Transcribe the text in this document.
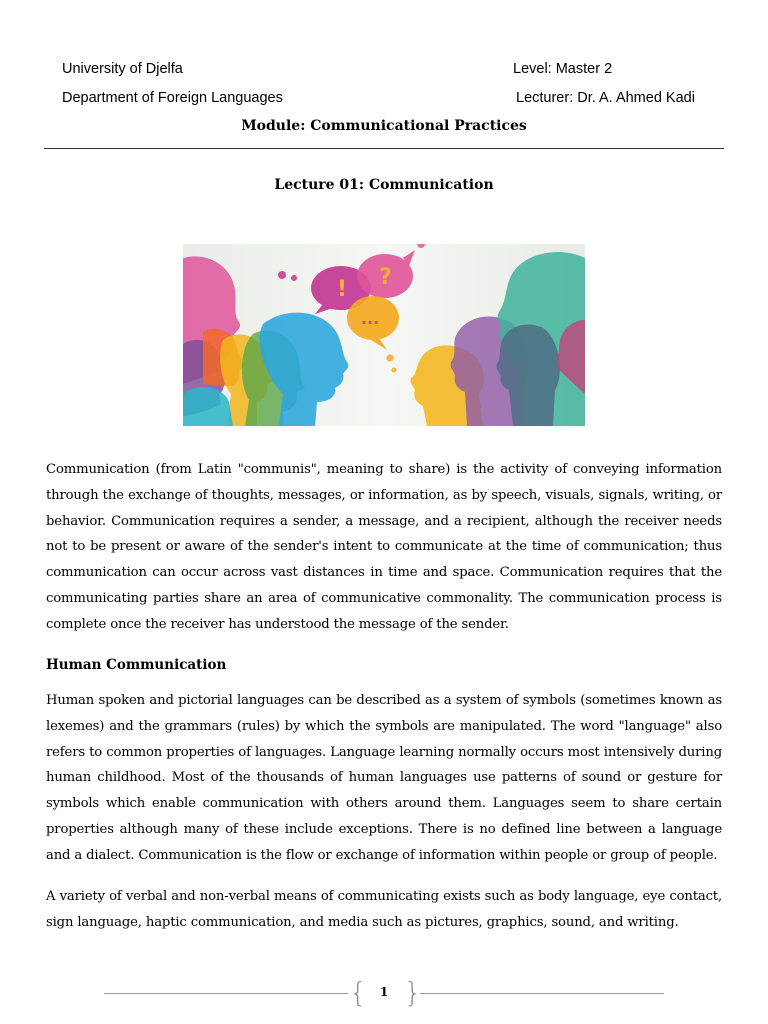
University of Djelfa
Department of Foreign Languages
Level: Master 2
Lecturer: Dr. A. Ahmed Kadi
Module: Communicational Practices
Lecture 01: Communication
! ?
...
Communication (from Latin "communis", meaning to share) is the activity of conveying information through the exchange of thoughts, messages, or information, as by speech, visuals, signals, writing, or behavior. Communication requires a sender, a message, and a recipient, although the receiver needs not to be present or aware of the sender's intent to communicate at the time of communication; thus communication can occur across vast distances in time and space. Communication requires that the communicating parties share an area of communicative commonality. The communication process is complete once the receiver has understood the message of the sender.
Human Communication
Human spoken and pictorial languages can be described as a system of symbols (sometimes known as lexemes) and the grammars (rules) by which the symbols are manipulated. The word "language" also refers to common properties of languages. Language learning normally occurs most intensively during human childhood. Most of the thousands of human languages use patterns of sound or gesture for symbols which enable communication with others around them. Languages seem to share certain properties although many of these include exceptions. There is no defined line between a language and a dialect. Communication is the flow or exchange of information within people or group of people.
A variety of verbal and non-verbal means of communicating exists such as body language, eye contact, sign language, haptic communication, and media such as pictures, graphics, sound, and writing.
{ }
1
